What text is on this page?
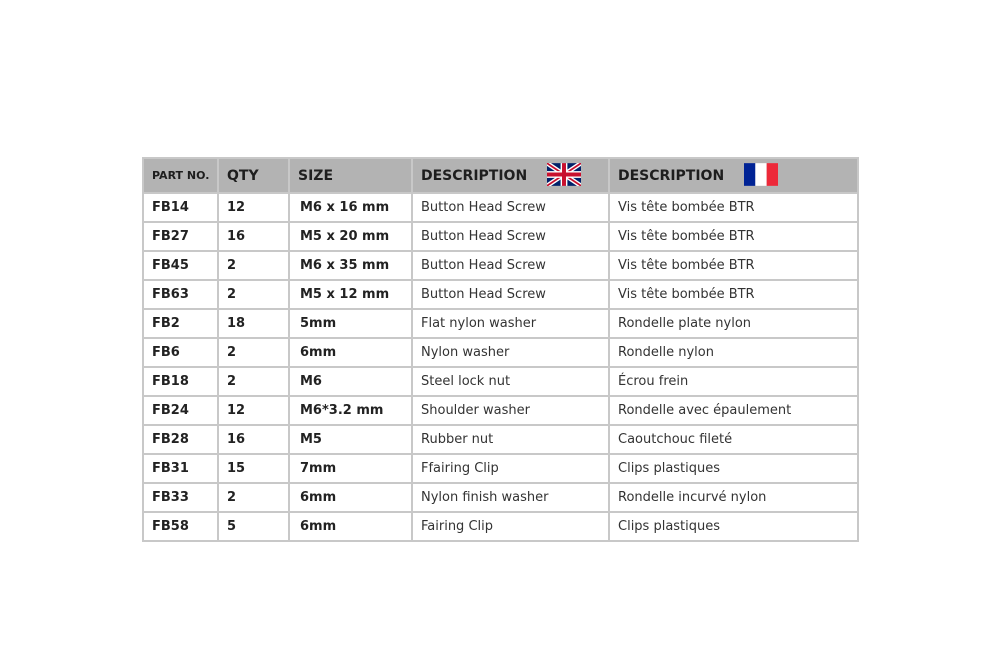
PART NO.	QTY	SIZE	DESCRIPTION	DESCRIPTION
FB14	12	M6 x 16 mm	Button Head Screw	Vis tête bombée BTR
FB27	16	M5 x 20 mm	Button Head Screw	Vis tête bombée BTR
FB45	2	M6 x 35 mm	Button Head Screw	Vis tête bombée BTR
FB63	2	M5 x 12 mm	Button Head Screw	Vis tête bombée BTR
FB2	18	5mm	Flat nylon washer	Rondelle plate nylon
FB6	2	6mm	Nylon washer	Rondelle nylon
FB18	2	M6	Steel lock nut	Écrou frein
FB24	12	M6*3.2 mm	Shoulder washer	Rondelle avec épaulement
FB28	16	M5	Rubber nut	Caoutchouc fileté
FB31	15	7mm	Ffairing Clip	Clips plastiques
FB33	2	6mm	Nylon finish washer	Rondelle incurvé nylon
FB58	5	6mm	Fairing Clip	Clips plastiques
